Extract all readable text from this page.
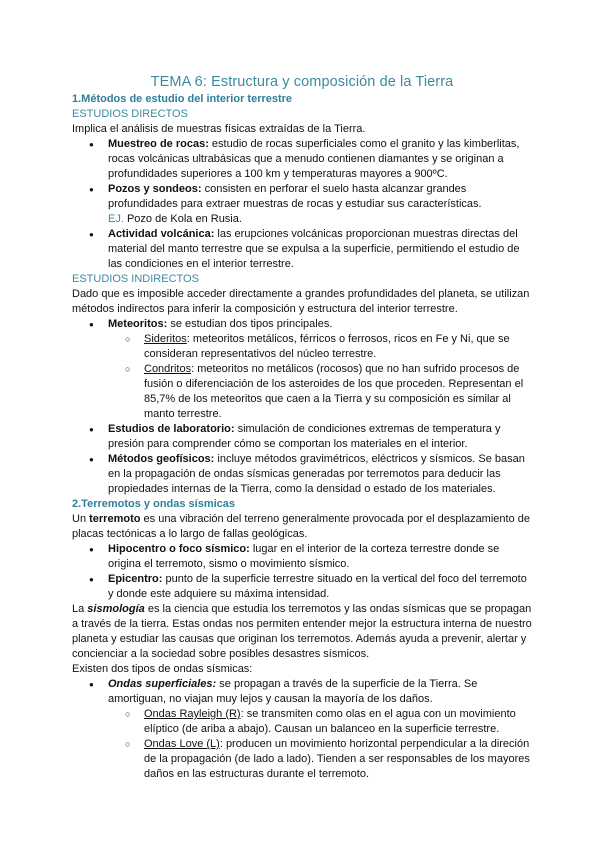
TEMA 6: Estructura y composición de la Tierra

1.Métodos de estudio del interior terrestre

ESTUDIOS DIRECTOS

Implica el análisis de muestras físicas extraídas de la Tierra.

● Muestreo de rocas: estudio de rocas superficiales como el granito y las kimberlitas, rocas volcánicas ultrabásicas que a menudo contienen diamantes y se originan a profundidades superiores a 100 km y temperaturas mayores a 900ºC.
● Pozos y sondeos: consisten en perforar el suelo hasta alcanzar grandes profundidades para extraer muestras de rocas y estudiar sus características.

EJ. Pozo de Kola en Rusia.

● Actividad volcánica: las erupciones volcánicas proporcionan muestras directas del material del manto terrestre que se expulsa a la superficie, permitiendo el estudio de las condiciones en el interior terrestre.

ESTUDIOS INDIRECTOS

Dado que es imposible acceder directamente a grandes profundidades del planeta, se utilizan métodos indirectos para inferir la composición y estructura del interior terrestre.

● Meteoritos: se estudian dos tipos principales.
○ Sideritos: meteoritos metálicos, férricos o ferrosos, ricos en Fe y Ni, que se consideran representativos del núcleo terrestre.
○ Condritos: meteoritos no metálicos (rocosos) que no han sufrido procesos de fusión o diferenciación de los asteroides de los que proceden. Representan el 85,7% de los meteoritos que caen a la Tierra y su composición es similar al manto terrestre.
● Estudios de laboratorio: simulación de condiciones extremas de temperatura y presión para comprender cómo se comportan los materiales en el interior.
● Métodos geofísicos: incluye métodos gravimétricos, eléctricos y sísmicos. Se basan en la propagación de ondas sísmicas generadas por terremotos para deducir las propiedades internas de la Tierra, como la densidad o estado de los materiales.

2.Terremotos y ondas sísmicas

Un terremoto es una vibración del terreno generalmente provocada por el desplazamiento de placas tectónicas a lo largo de fallas geológicas.

● Hipocentro o foco sísmico: lugar en el interior de la corteza terrestre donde se origina el terremoto, sismo o movimiento sísmico.
● Epicentro: punto de la superficie terrestre situado en la vertical del foco del terremoto y donde este adquiere su máxima intensidad.

La sismología es la ciencia que estudia los terremotos y las ondas sísmicas que se propagan a través de la tierra. Estas ondas nos permiten entender mejor la estructura interna de nuestro planeta y estudiar las causas que originan los terremotos. Además ayuda a prevenir, alertar y concienciar a la sociedad sobre posibles desastres sísmicos.

Existen dos tipos de ondas sísmicas:

● Ondas superficiales: se propagan a través de la superficie de la Tierra. Se amortiguan, no viajan muy lejos y causan la mayoría de los daños.
○ Ondas Rayleigh (R): se transmiten como olas en el agua con un movimiento elíptico (de ariba a abajo). Causan un balanceo en la superficie terrestre.
○ Ondas Love (L): producen un movimiento horizontal perpendicular a la direción de la propagación (de lado a lado). Tienden a ser responsables de los mayores daños en las estructuras durante el terremoto.
